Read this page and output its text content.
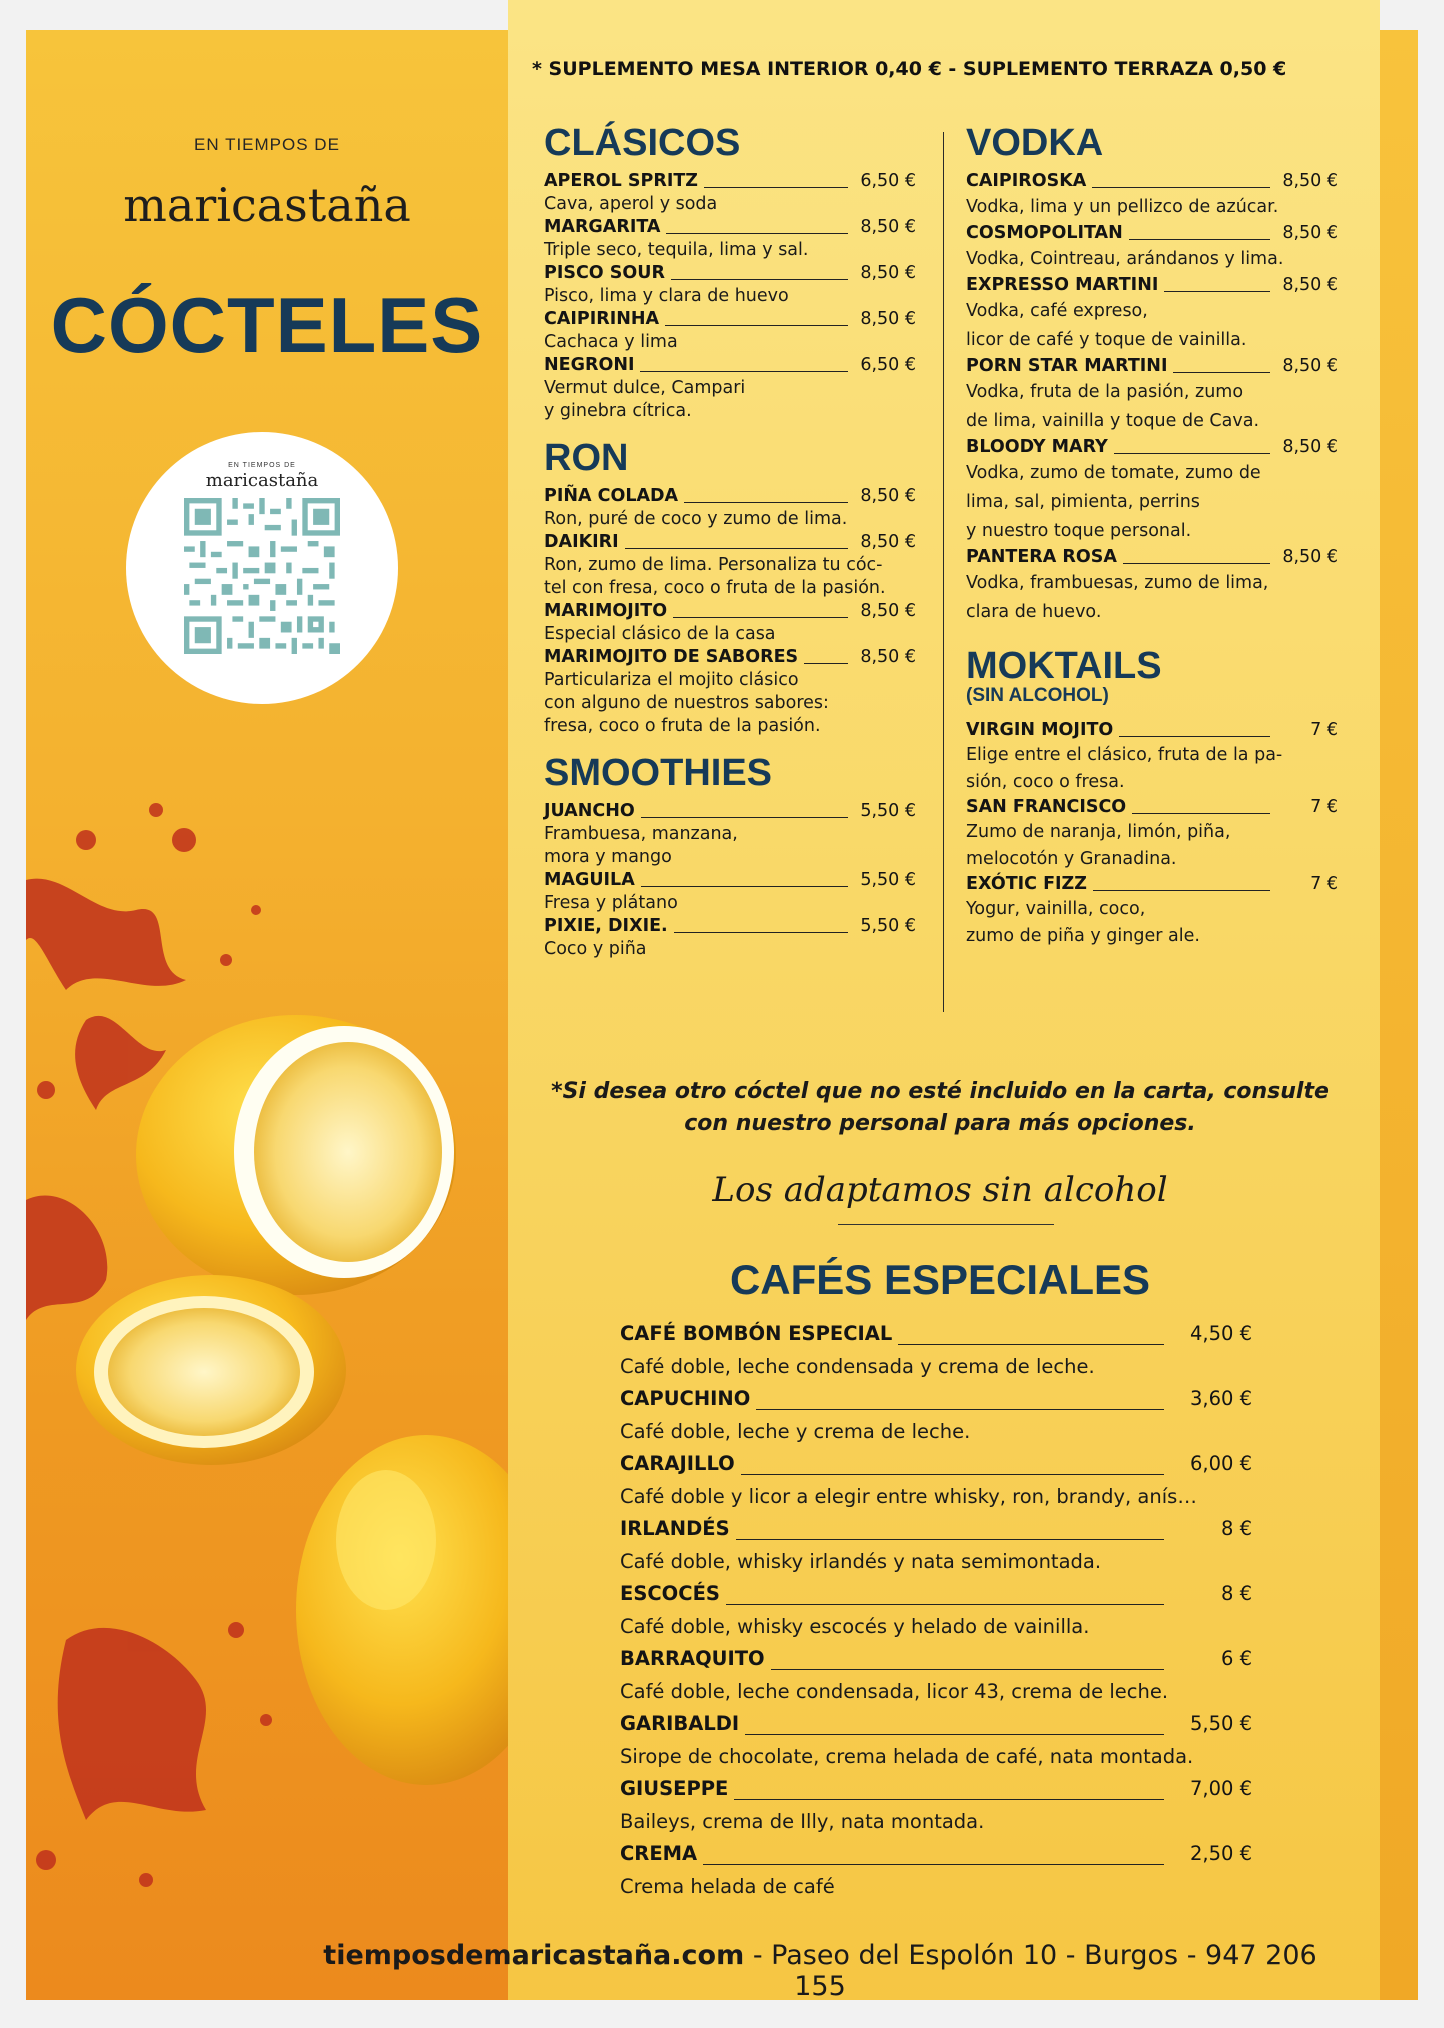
EN TIEMPOS DE
maricastaña
CÓCTELES
EN TIEMPOS DE
maricastaña
* SUPLEMENTO MESA INTERIOR 0,40 € - SUPLEMENTO TERRAZA 0,50 €
CLÁSICOS
APEROL SPRITZ	6,50 €
Cava, aperol y soda
MARGARITA	8,50 €
Triple seco, tequila, lima y sal.
PISCO SOUR	8,50 €
Pisco, lima y clara de huevo
CAIPIRINHA	8,50 €
Cachaca y lima
NEGRONI	6,50 €
Vermut dulce, Campari
y ginebra cítrica.
RON
PIÑA COLADA	8,50 €
Ron, puré de coco y zumo de lima.
DAIKIRI	8,50 €
Ron, zumo de lima. Personaliza tu cóc-
tel con fresa, coco o fruta de la pasión.
MARIMOJITO	8,50 €
Especial clásico de la casa
MARIMOJITO DE SABORES	8,50 €
Particulariza el mojito clásico
con alguno de nuestros sabores:
fresa, coco o fruta de la pasión.
SMOOTHIES
JUANCHO	5,50 €
Frambuesa, manzana,
mora y mango
MAGUILA	5,50 €
Fresa y plátano
PIXIE, DIXIE.	5,50 €
Coco y piña
VODKA
CAIPIROSKA	8,50 €
Vodka, lima y un pellizco de azúcar.
COSMOPOLITAN	8,50 €
Vodka, Cointreau, arándanos y lima.
EXPRESSO MARTINI	8,50 €
Vodka, café expreso,
licor de café y toque de vainilla.
PORN STAR MARTINI	8,50 €
Vodka, fruta de la pasión, zumo
de lima, vainilla y toque de Cava.
BLOODY MARY	8,50 €
Vodka, zumo de tomate, zumo de
lima, sal, pimienta, perrins
y nuestro toque personal.
PANTERA ROSA	8,50 €
Vodka, frambuesas, zumo de lima,
clara de huevo.
MOKTAILS
(SIN ALCOHOL)
VIRGIN MOJITO	7 €
Elige entre el clásico, fruta de la pa-
sión, coco o fresa.
SAN FRANCISCO	7 €
Zumo de naranja, limón, piña,
melocotón y Granadina.
EXÓTIC FIZZ	7 €
Yogur, vainilla, coco,
zumo de piña y ginger ale.
*Si desea otro cóctel que no esté incluido en la carta, consulte con nuestro personal para más opciones.
Los adaptamos sin alcohol
CAFÉS ESPECIALES
CAFÉ BOMBÓN ESPECIAL	4,50 €
Café doble, leche condensada y crema de leche.
CAPUCHINO	3,60 €
Café doble, leche y crema de leche.
CARAJILLO	6,00 €
Café doble y licor a elegir entre whisky, ron, brandy, anís…
IRLANDÉS	8 €
Café doble, whisky irlandés y nata semimontada.
ESCOCÉS	8 €
Café doble, whisky escocés y helado de vainilla.
BARRAQUITO	6 €
Café doble, leche condensada, licor 43, crema de leche.
GARIBALDI	5,50 €
Sirope de chocolate, crema helada de café, nata montada.
GIUSEPPE	7,00 €
Baileys, crema de Illy, nata montada.
CREMA	2,50 €
Crema helada de café
tiemposdemaricastaña.com - Paseo del Espolón 10 - Burgos - 947 206 155
